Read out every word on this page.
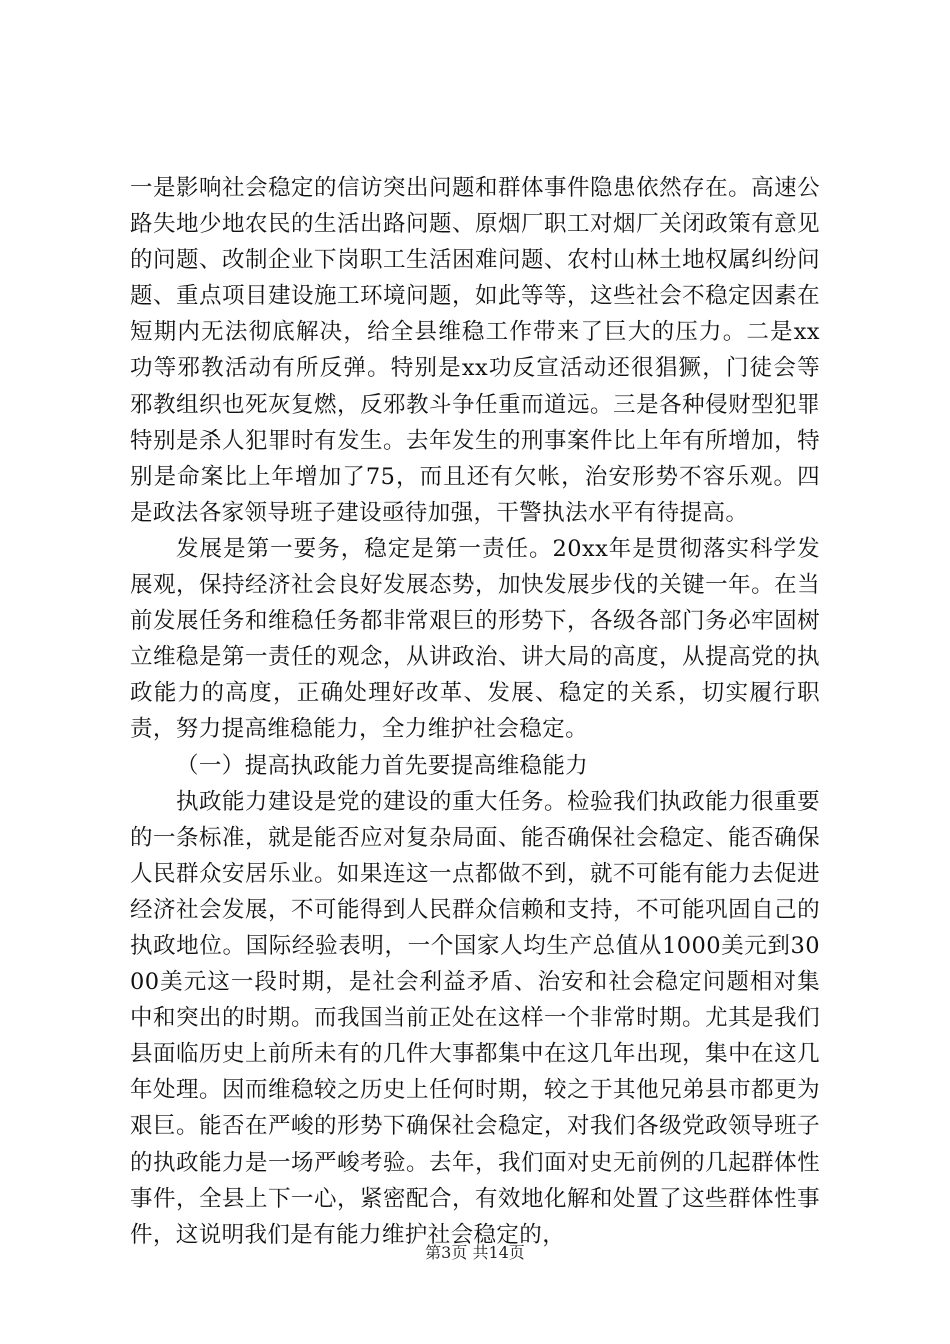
一是影响社会稳定的信访突出问题和群体事件隐患依然存在。高速公路失地少地农民的生活出路问题、原烟厂职工对烟厂关闭政策有意见的问题、改制企业下岗职工生活困难问题、农村山林土地权属纠纷问题、重点项目建设施工环境问题，如此等等，这些社会不稳定因素在短期内无法彻底解决，给全县维稳工作带来了巨大的压力。二是xx功等邪教活动有所反弹。特别是xx功反宣活动还很猖獗，门徒会等邪教组织也死灰复燃，反邪教斗争任重而道远。三是各种侵财型犯罪特别是杀人犯罪时有发生。去年发生的刑事案件比上年有所增加，特别是命案比上年增加了75，而且还有欠帐，治安形势不容乐观。四是政法各家领导班子建设亟待加强，干警执法水平有待提高。

发展是第一要务，稳定是第一责任。20xx年是贯彻落实科学发展观，保持经济社会良好发展态势，加快发展步伐的关键一年。在当前发展任务和维稳任务都非常艰巨的形势下，各级各部门务必牢固树立维稳是第一责任的观念，从讲政治、讲大局的高度，从提高党的执政能力的高度，正确处理好改革、发展、稳定的关系，切实履行职责，努力提高维稳能力，全力维护社会稳定。

（一）提高执政能力首先要提高维稳能力

执政能力建设是党的建设的重大任务。检验我们执政能力很重要的一条标准，就是能否应对复杂局面、能否确保社会稳定、能否确保人民群众安居乐业。如果连这一点都做不到，就不可能有能力去促进经济社会发展，不可能得到人民群众信赖和支持，不可能巩固自己的执政地位。国际经验表明，一个国家人均生产总值从1000美元到3000美元这一段时期，是社会利益矛盾、治安和社会稳定问题相对集中和突出的时期。而我国当前正处在这样一个非常时期。尤其是我们县面临历史上前所未有的几件大事都集中在这几年出现，集中在这几年处理。因而维稳较之历史上任何时期，较之于其他兄弟县市都更为艰巨。能否在严峻的形势下确保社会稳定，对我们各级党政领导班子的执政能力是一场严峻考验。去年，我们面对史无前例的几起群体性事件，全县上下一心，紧密配合，有效地化解和处置了这些群体性事件，这说明我们是有能力维护社会稳定的，

第3页 共14页
